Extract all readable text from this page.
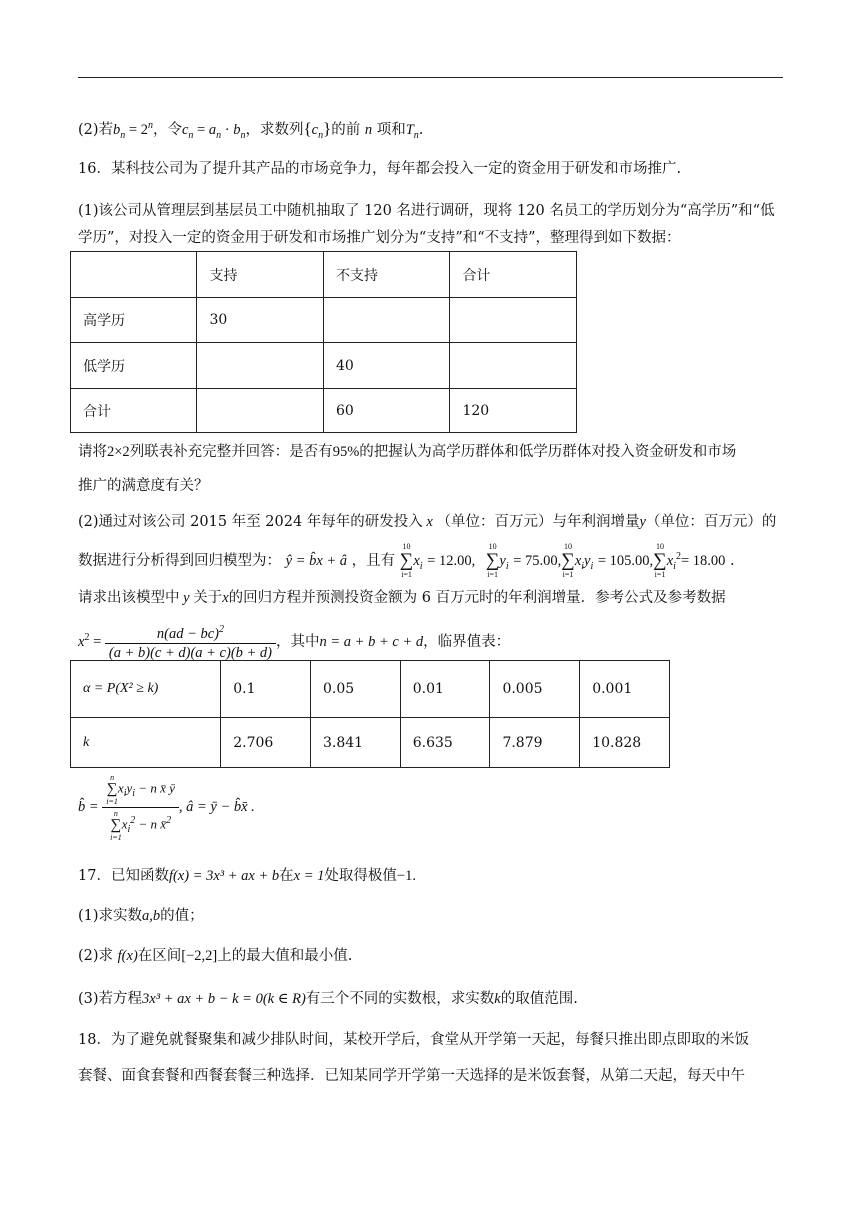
(2)若$b_n = 2^n$，令$c_n = a_n \cdot b_n$，求数列$\{c_n\}$的前 n 项和$T_n$.
16．某科技公司为了提升其产品的市场竞争力，每年都会投入一定的资金用于研发和市场推广.
(1)该公司从管理层到基层员工中随机抽取了 120 名进行调研，现将 120 名员工的学历划分为“高学历”和“低
学历”，对投入一定的资金用于研发和市场推广划分为“支持”和“不支持”，整理得到如下数据：
	支持	不支持	合计
高学历	30		
低学历		40	
合计		60	120
请将2×2列联表补充完整并回答：是否有95%的把握认为高学历群体和低学历群体对投入资金研发和市场
推广的满意度有关？
(2)通过对该公司 2015 年至 2024 年每年的研发投入 x （单位：百万元）与年利润增量y（单位：百万元）的
数据进行分析得到回归模型为： ŷ = b̂x + â ，且有
10
∑
i=1
$x_i = 12.00$,
10
∑
i=1
$y_i = 75.00$,
10
∑
i=1
$x_iy_i = 105.00$,
10
∑
i=1
$x_i^2= 18.00$ .
请求出该模型中 y 关于x的回归方程并预测投资金额为 6 百万元时的年利润增量．参考公式及参考数据
$x^2 = \frac{n(ad - bc)^2}{(a + b)(c + d)(a + c)(b + d)}$ ，其中n = a + b + c + d，临界值表：
α = P(X² ≥ k)	0.1	0.05	0.01	0.005	0.001
k	2.706	3.841	6.635	7.879	10.828
b̂ = n
∑
i=1
$x_iy_i - n$ x̄ ȳ
n
∑
i=1
$x_i^2 - n$ x̄$^2$ , â = ȳ − b̂x̄ .
17．已知函数f(x) = 3x³ + ax + b在x = 1处取得极值−1.
(1)求实数a,b的值；
(2)求 f(x)在区间[−2,2]上的最大值和最小值.
(3)若方程3x³ + ax + b − k = 0(k ∈ R)有三个不同的实数根，求实数k的取值范围.
18．为了避免就餐聚集和减少排队时间，某校开学后，食堂从开学第一天起，每餐只推出即点即取的米饭
套餐、面食套餐和西餐套餐三种选择．已知某同学开学第一天选择的是米饭套餐，从第二天起，每天中午
